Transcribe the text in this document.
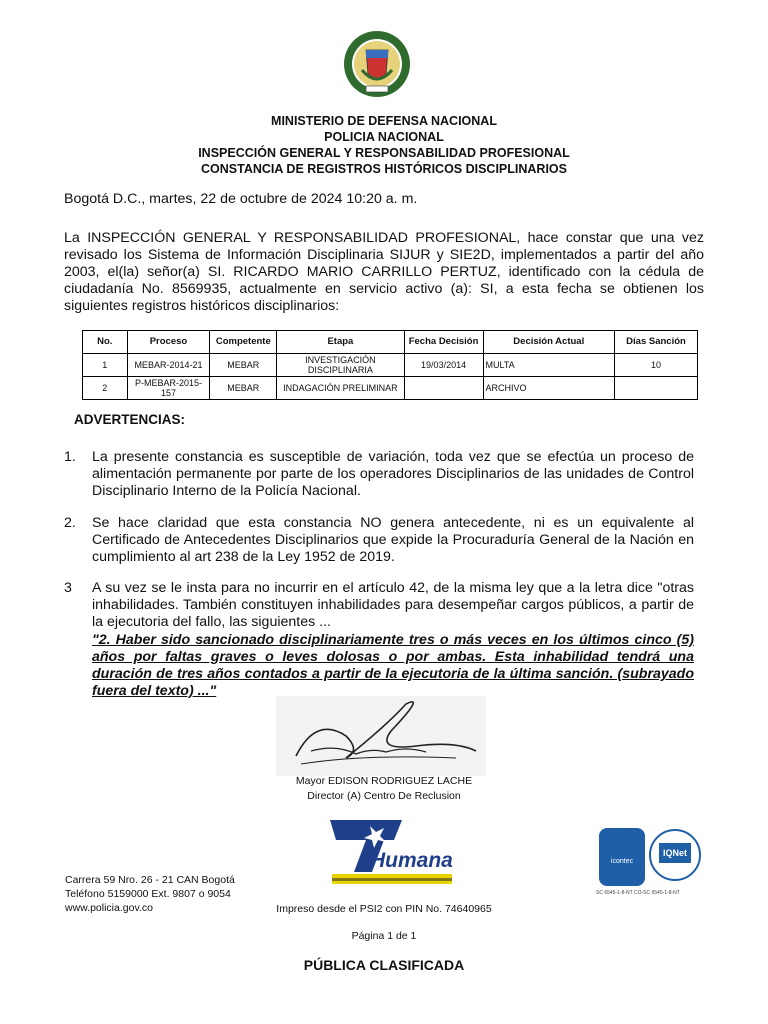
MINISTERIO DE DEFENSA NACIONAL
POLICIA NACIONAL
INSPECCIÓN GENERAL Y RESPONSABILIDAD PROFESIONAL
CONSTANCIA DE REGISTROS HISTÓRICOS DISCIPLINARIOS
Bogotá D.C., martes, 22 de octubre de 2024 10:20 a. m.
La INSPECCIÓN GENERAL Y RESPONSABILIDAD PROFESIONAL, hace constar que una vez revisado los Sistema de Información Disciplinaria SIJUR y SIE2D, implementados a partir del año 2003, el(la) señor(a) SI. RICARDO MARIO CARRILLO PERTUZ, identificado con la cédula de ciudadanía No. 8569935, actualmente en servicio activo (a): SI, a esta fecha se obtienen los siguientes registros históricos disciplinarios:
No.	Proceso	Competente	Etapa	Fecha Decisión	Decisión Actual	Días Sanción
1	MEBAR-2014-21	MEBAR	INVESTIGACIÓN DISCIPLINARIA	19/03/2014	MULTA	10
2	P-MEBAR-2015-157	MEBAR	INDAGACIÓN PRELIMINAR		ARCHIVO	
ADVERTENCIAS:
1. La presente constancia es susceptible de variación, toda vez que se efectúa un proceso de alimentación permanente por parte de los operadores Disciplinarios de las unidades de Control Disciplinario Interno de la Policía Nacional.
2. Se hace claridad que esta constancia NO genera antecedente, ni es un equivalente al Certificado de Antecedentes Disciplinarios que expide la Procuraduría General de la Nación en cumplimiento al art 238 de la Ley 1952 de 2019.
3 A su vez se le insta para no incurrir en el artículo 42, de la misma ley que a la letra dice "otras inhabilidades. También constituyen inhabilidades para desempeñar cargos públicos, a partir de la ejecutoria del fallo, las siguientes ...
"2. Haber sido sancionado disciplinariamente tres o más veces en los últimos cinco (5) años por faltas graves o leves dolosas o por ambas. Esta inhabilidad tendrá una duración de tres años contados a partir de la ejecutoria de la última sanción. (subrayado fuera del texto) ..."
Mayor EDISON RODRIGUEZ LACHE
Director (A) Centro De Reclusion
Humana	icontec
IQNet
SC 6545-1-8-NT CO-SC 6545-1-8-NT
Carrera 59 Nro. 26 - 21 CAN Bogotá
Teléfono 5159000 Ext. 9807 o 9054
www.policia.gov.co	Impreso desde el PSI2 con PIN No. 74640965
Página 1 de 1
PÚBLICA CLASIFICADA
